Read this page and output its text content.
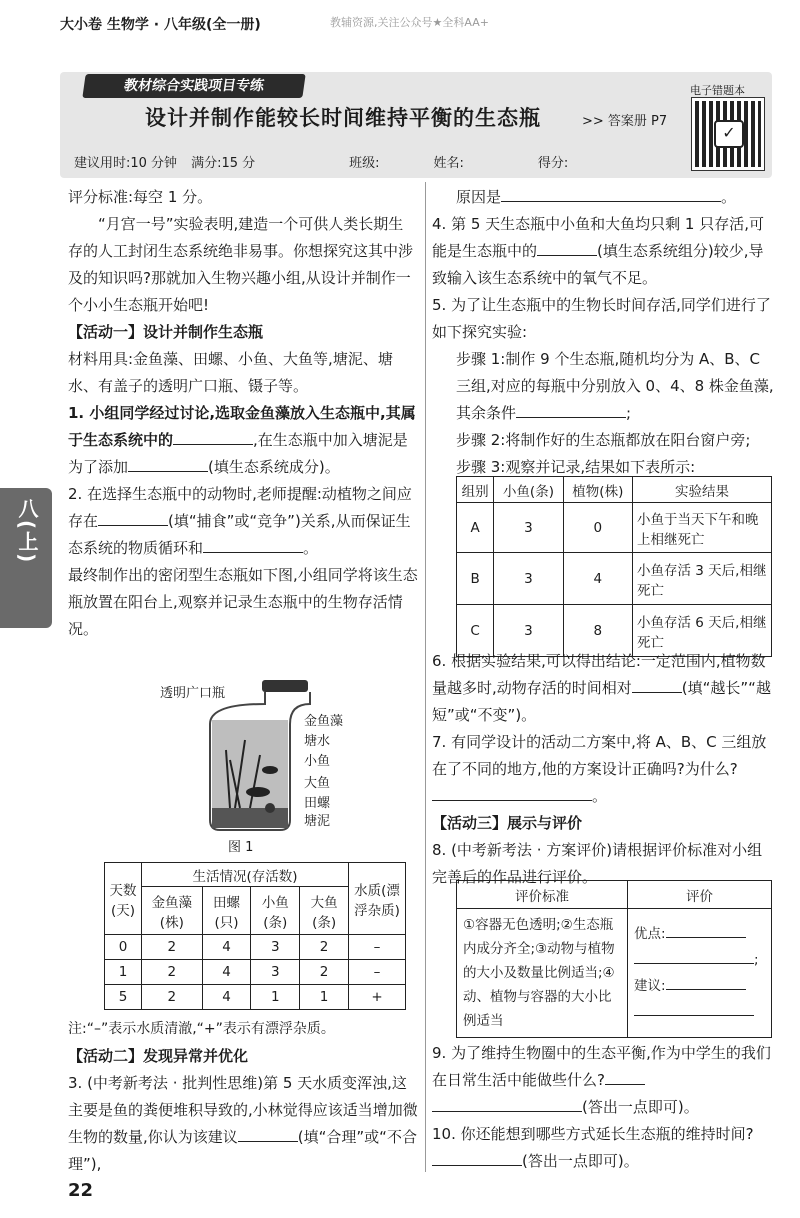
大小卷 生物学 · 八年级(全一册)	教辅资源,关注公众号★全科AA+
教材综合实践项目专练
设计并制作能较长时间维持平衡的生态瓶	>> 答案册 P7
电子错题本
✓
建议用时:10 分钟 满分:15 分	班级:	姓名:	得分:
八(上)
评分标准:每空 1 分。
“月宫一号”实验表明,建造一个可供人类长期生存的人工封闭生态系统绝非易事。你想探究这其中涉及的知识吗?那就加入生物兴趣小组,从设计并制作一个小小生态瓶开始吧!
【活动一】设计并制作生态瓶
材料用具:金鱼藻、田螺、小鱼、大鱼等,塘泥、塘水、有盖子的透明广口瓶、镊子等。
1. 小组同学经过讨论,选取金鱼藻放入生态瓶中,其属于生态系统中的	,在生态瓶中加入塘泥是为了添加	(填生态系统成分)。
2. 在选择生态瓶中的动物时,老师提醒:动植物之间应存在	(填“捕食”或“竞争”)关系,从而保证生态系统的物质循环和	。
最终制作出的密闭型生态瓶如下图,小组同学将该生态瓶放置在阳台上,观察并记录生态瓶中的生物存活情况。
透明广口瓶
金鱼藻
塘水
小鱼
大鱼
田螺
塘泥
图 1
天数(天)	生活情况(存活数)				水质(漂浮杂质)
	金鱼藻(株)	田螺(只)	小鱼(条)	大鱼(条)	
0	2	4	3	2	–
1	2	4	3	2	–
5	2	4	1	1	+
注:“–”表示水质清澈,“+”表示有漂浮杂质。
【活动二】发现异常并优化
3. (中考新考法 · 批判性思维)第 5 天水质变浑浊,这主要是鱼的粪便堆积导致的,小林觉得应该适当增加微生物的数量,你认为该建议	(填“合理”或“不合理”),
原因是	。
4. 第 5 天生态瓶中小鱼和大鱼均只剩 1 只存活,可能是生态瓶中的	(填生态系统组分)较少,导致输入该生态系统中的氧气不足。
5. 为了让生态瓶中的生物长时间存活,同学们进行了如下探究实验:
步骤 1:制作 9 个生态瓶,随机均分为 A、B、C 三组,对应的每瓶中分别放入 0、4、8 株金鱼藻,其余条件	;
步骤 2:将制作好的生态瓶都放在阳台窗户旁;
步骤 3:观察并记录,结果如下表所示:
组别	小鱼(条)	植物(株)	实验结果
A	3	0	小鱼于当天下午和晚上相继死亡
B	3	4	小鱼存活 3 天后,相继死亡
C	3	8	小鱼存活 6 天后,相继死亡
6. 根据实验结果,可以得出结论:一定范围内,植物数量越多时,动物存活的时间相对	(填“越长”“越短”或“不变”)。
7. 有同学设计的活动二方案中,将 A、B、C 三组放在了不同的地方,他的方案设计正确吗?为什么?。
【活动三】展示与评价
8. (中考新考法 · 方案评价)请根据评价标准对小组完善后的作品进行评价。
评价标准	评价
①容器无色透明;②生态瓶内成分齐全;③动物与植物的大小及数量比例适当;④动、植物与容器的大小比例适当	优点:
;
建议:
9. 为了维持生物圈中的生态平衡,作为中学生的我们在日常生活中能做些什么?
(答出一点即可)。
10. 你还能想到哪些方式延长生态瓶的维持时间?(答出一点即可)。
22
